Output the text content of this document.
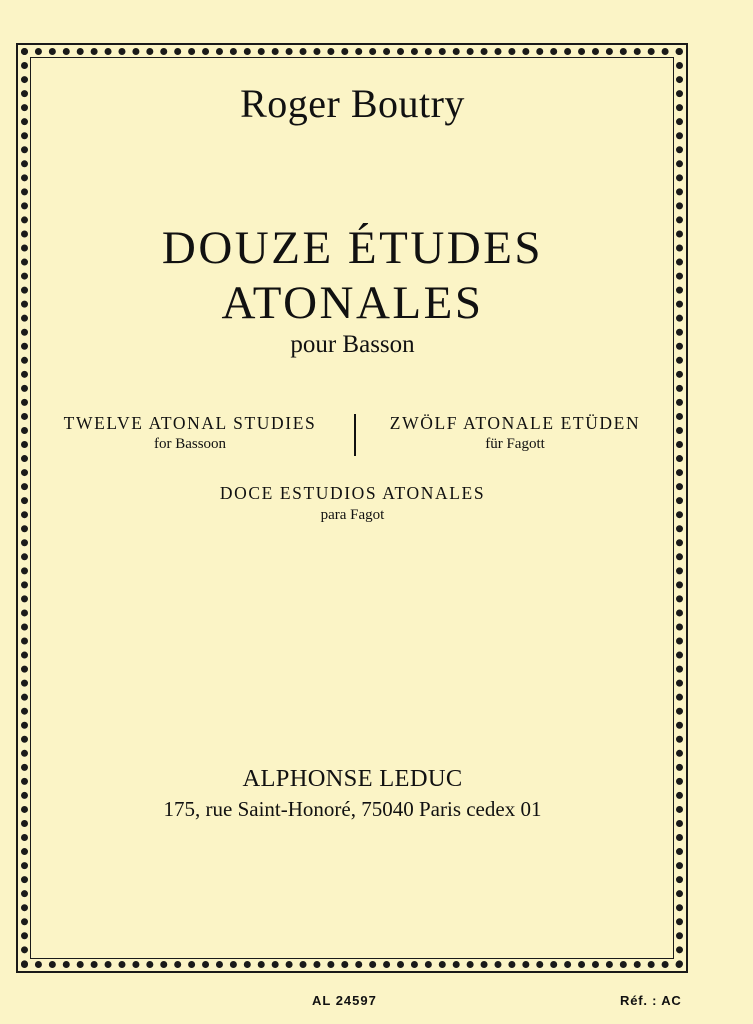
Roger Boutry
DOUZE ÉTUDES
ATONALES
pour Basson
TWELVE ATONAL STUDIES
for Bassoon
ZWÖLF ATONALE ETÜDEN
für Fagott
DOCE ESTUDIOS ATONALES
para Fagot
ALPHONSE LEDUC
175, rue Saint-Honoré, 75040 Paris cedex 01
AL 24597	Réf. : AC
